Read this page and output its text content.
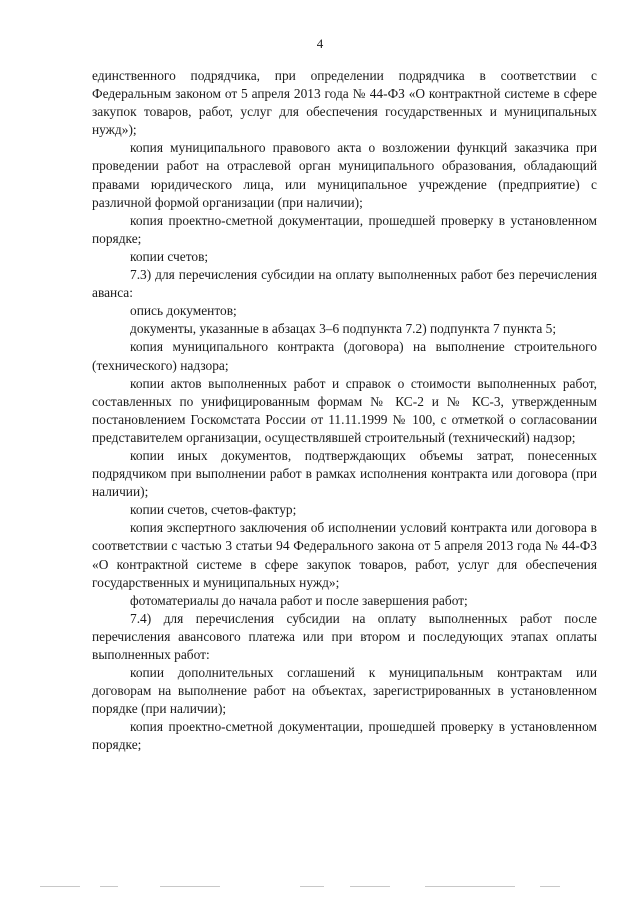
4

единственного подрядчика, при определении подрядчика в соответствии с Федеральным законом от 5 апреля 2013 года № 44-ФЗ «О контрактной системе в сфере закупок товаров, работ, услуг для обеспечения государственных и муниципальных нужд»);

копия муниципального правового акта о возложении функций заказчика при проведении работ на отраслевой орган муниципального образования, обладающий правами юридического лица, или муниципальное учреждение (предприятие) с различной формой организации (при наличии);

копия проектно-сметной документации, прошедшей проверку в установленном порядке;

копии счетов;

7.3) для перечисления субсидии на оплату выполненных работ без перечисления аванса:

опись документов;

документы, указанные в абзацах 3–6 подпункта 7.2) подпункта 7 пункта 5;

копия муниципального контракта (договора) на выполнение строительного (технического) надзора;

копии актов выполненных работ и справок о стоимости выполненных работ, составленных по унифицированным формам № КС-2 и № КС-3, утвержденным постановлением Госкомстата России от 11.11.1999 № 100, с отметкой о согласовании представителем организации, осуществлявшей строительный (технический) надзор;

копии иных документов, подтверждающих объемы затрат, понесенных подрядчиком при выполнении работ в рамках исполнения контракта или договора (при наличии);

копии счетов, счетов-фактур;

копия экспертного заключения об исполнении условий контракта или договора в соответствии с частью 3 статьи 94 Федерального закона от 5 апреля 2013 года № 44-ФЗ «О контрактной системе в сфере закупок товаров, работ, услуг для обеспечения государственных и муниципальных нужд»;

фотоматериалы до начала работ и после завершения работ;

7.4) для перечисления субсидии на оплату выполненных работ после перечисления авансового платежа или при втором и последующих этапах оплаты выполненных работ:

копии дополнительных соглашений к муниципальным контрактам или договорам на выполнение работ на объектах, зарегистрированных в установленном порядке (при наличии);

копия проектно-сметной документации, прошедшей проверку в установленном порядке;
